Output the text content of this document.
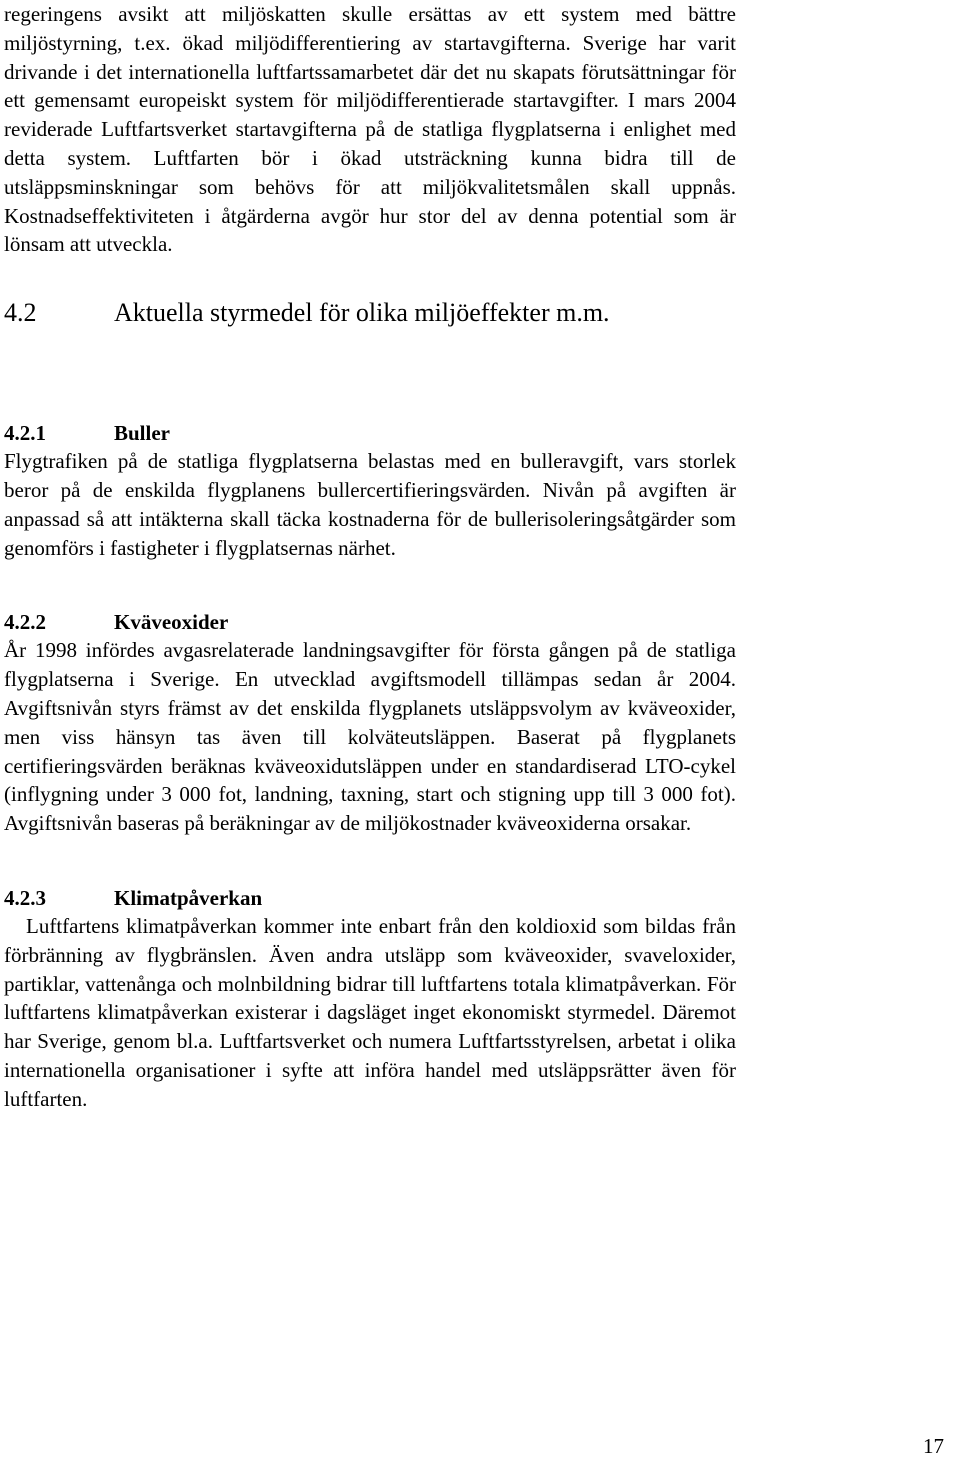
regeringens avsikt att miljöskatten skulle ersättas av ett system med bättre miljöstyrning, t.ex. ökad miljödifferentiering av startavgifterna. Sverige har varit drivande i det internationella luftfartssamarbetet där det nu skapats förutsättningar för ett gemensamt europeiskt system för miljödifferentierade startavgifter. I mars 2004 reviderade Luftfartsverket startavgifterna på de statliga flygplatserna i enlighet med detta system. Luftfarten bör i ökad utsträckning kunna bidra till de utsläppsminskningar som behövs för att miljökvalitetsmålen skall uppnås. Kostnadseffektiviteten i åtgärderna avgör hur stor del av denna potential som är lönsam att utveckla.

4.2	Aktuella styrmedel för olika miljöeffekter m.m.
4.2.1	Buller

Flygtrafiken på de statliga flygplatserna belastas med en bulleravgift, vars storlek beror på de enskilda flygplanens bullercertifieringsvärden. Nivån på avgiften är anpassad så att intäkterna skall täcka kostnaderna för de bullerisoleringsåtgärder som genomförs i fastigheter i flygplatsernas närhet.

4.2.2	Kväveoxider

År 1998 infördes avgasrelaterade landningsavgifter för första gången på de statliga flygplatserna i Sverige. En utvecklad avgiftsmodell tillämpas sedan år 2004. Avgiftsnivån styrs främst av det enskilda flygplanets utsläppsvolym av kväveoxider, men viss hänsyn tas även till kolväteutsläppen. Baserat på flygplanets certifieringsvärden beräknas kväveoxidutsläppen under en standardiserad LTO-cykel (inflygning under 3 000 fot, landning, taxning, start och stigning upp till 3 000 fot). Avgiftsnivån baseras på beräkningar av de miljökostnader kväveoxiderna orsakar.

4.2.3	Klimatpåverkan

Luftfartens klimatpåverkan kommer inte enbart från den koldioxid som bildas från förbränning av flygbränslen. Även andra utsläpp som kväveoxider, svaveloxider, partiklar, vattenånga och molnbildning bidrar till luftfartens totala klimatpåverkan. För luftfartens klimatpåverkan existerar i dagsläget inget ekonomiskt styrmedel. Däremot har Sverige, genom bl.a. Luftfartsverket och numera Luftfartsstyrelsen, arbetat i olika internationella organisationer i syfte att införa handel med utsläppsrätter även för luftfarten.

17
